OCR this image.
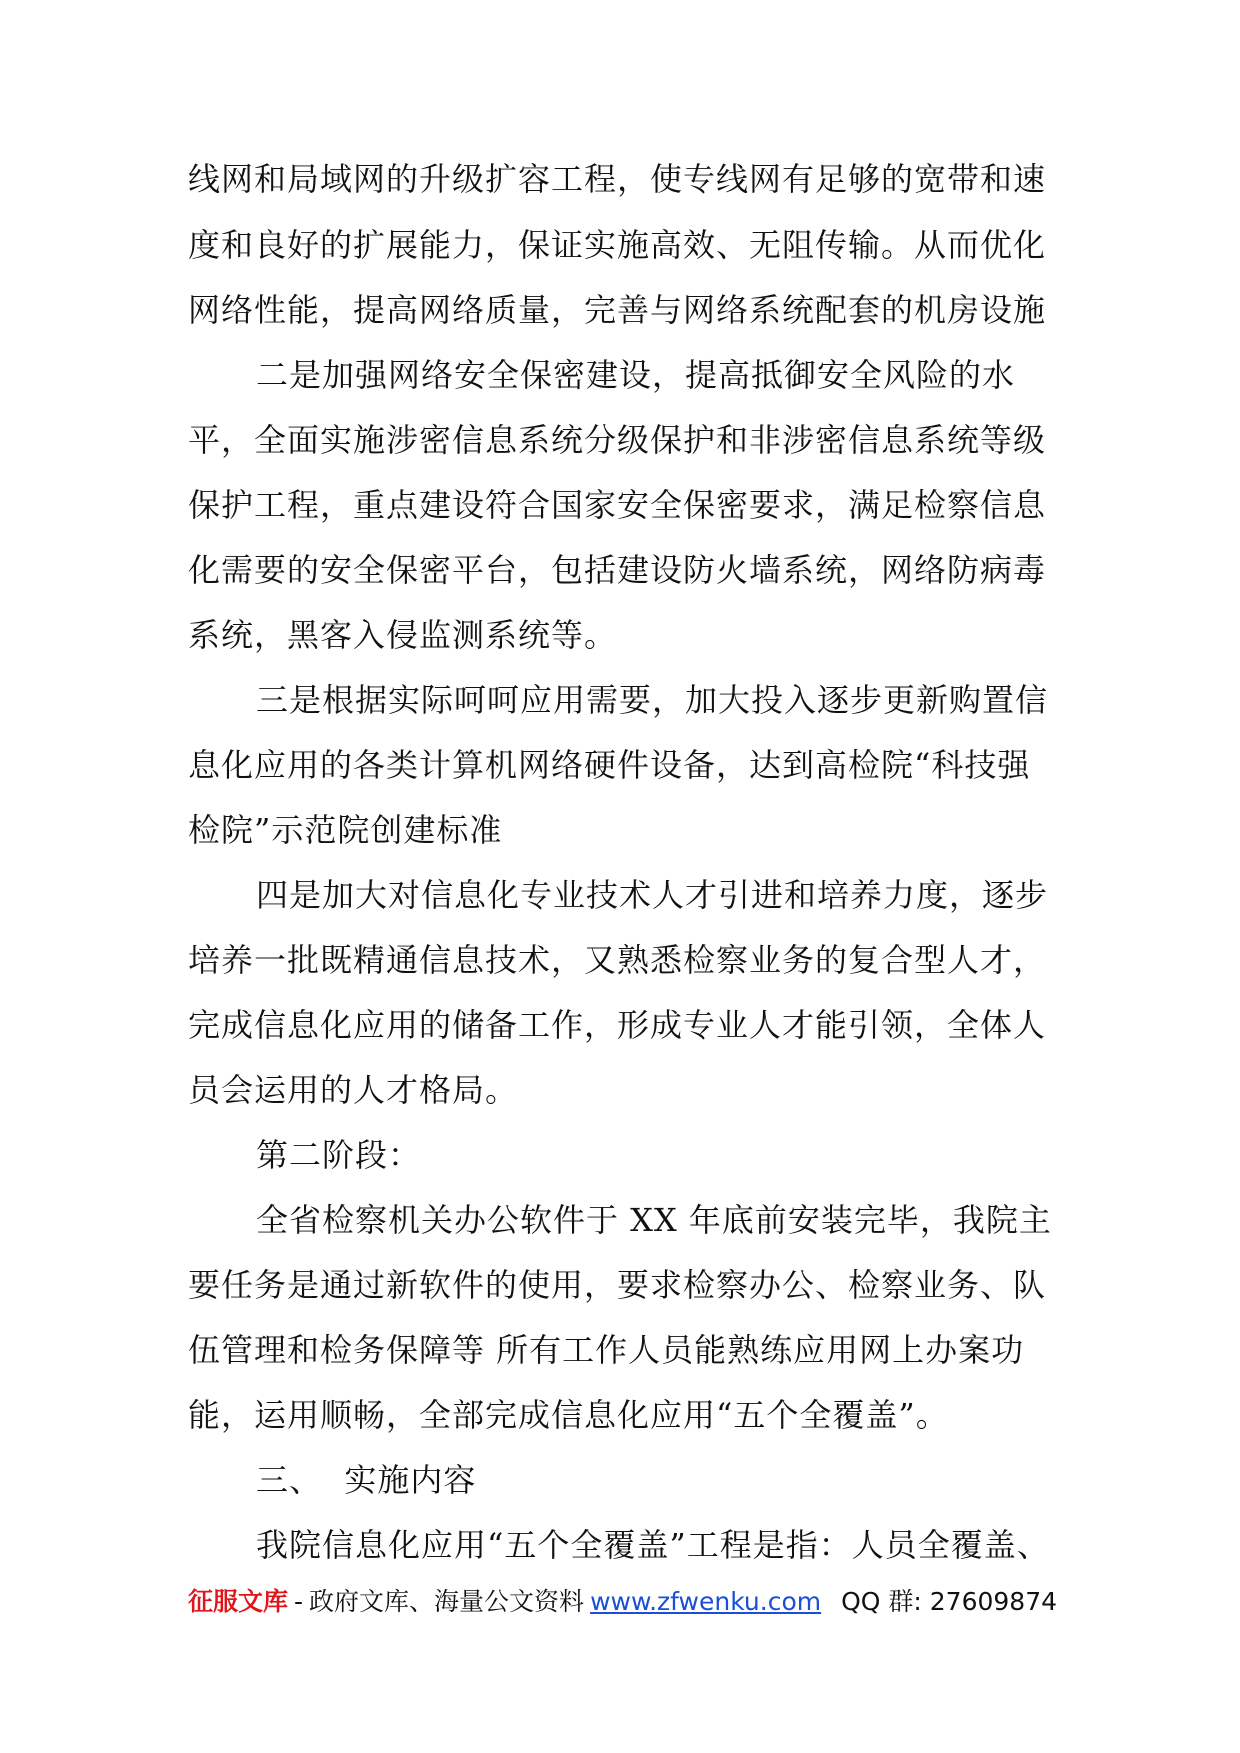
线网和局域网的升级扩容工程，使专线网有足够的宽带和速
度和良好的扩展能力，保证实施高效、无阻传输。从而优化
网络性能，提高网络质量，完善与网络系统配套的机房设施
二是加强网络安全保密建设，提高抵御安全风险的水
平，全面实施涉密信息系统分级保护和非涉密信息系统等级
保护工程，重点建设符合国家安全保密要求，满足检察信息
化需要的安全保密平台，包括建设防火墙系统，网络防病毒
系统，黑客入侵监测系统等。
三是根据实际呵呵应用需要，加大投入逐步更新购置信
息化应用的各类计算机网络硬件设备，达到高检院“科技强
检院”示范院创建标准
四是加大对信息化专业技术人才引进和培养力度，逐步
培养一批既精通信息技术，又熟悉检察业务的复合型人才，
完成信息化应用的储备工作，形成专业人才能引领，全体人
员会运用的人才格局。
第二阶段：
全省检察机关办公软件于 XX 年底前安装完毕，我院主
要任务是通过新软件的使用，要求检察办公、检察业务、队
伍管理和检务保障等 所有工作人员能熟练应用网上办案功
能，运用顺畅，全部完成信息化应用“五个全覆盖”。
三、  实施内容
我院信息化应用“五个全覆盖”工程是指：人员全覆盖、
征服文库 - 政府文库、海量公文资料 www.zfwenku.com QQ 群: 27609874
